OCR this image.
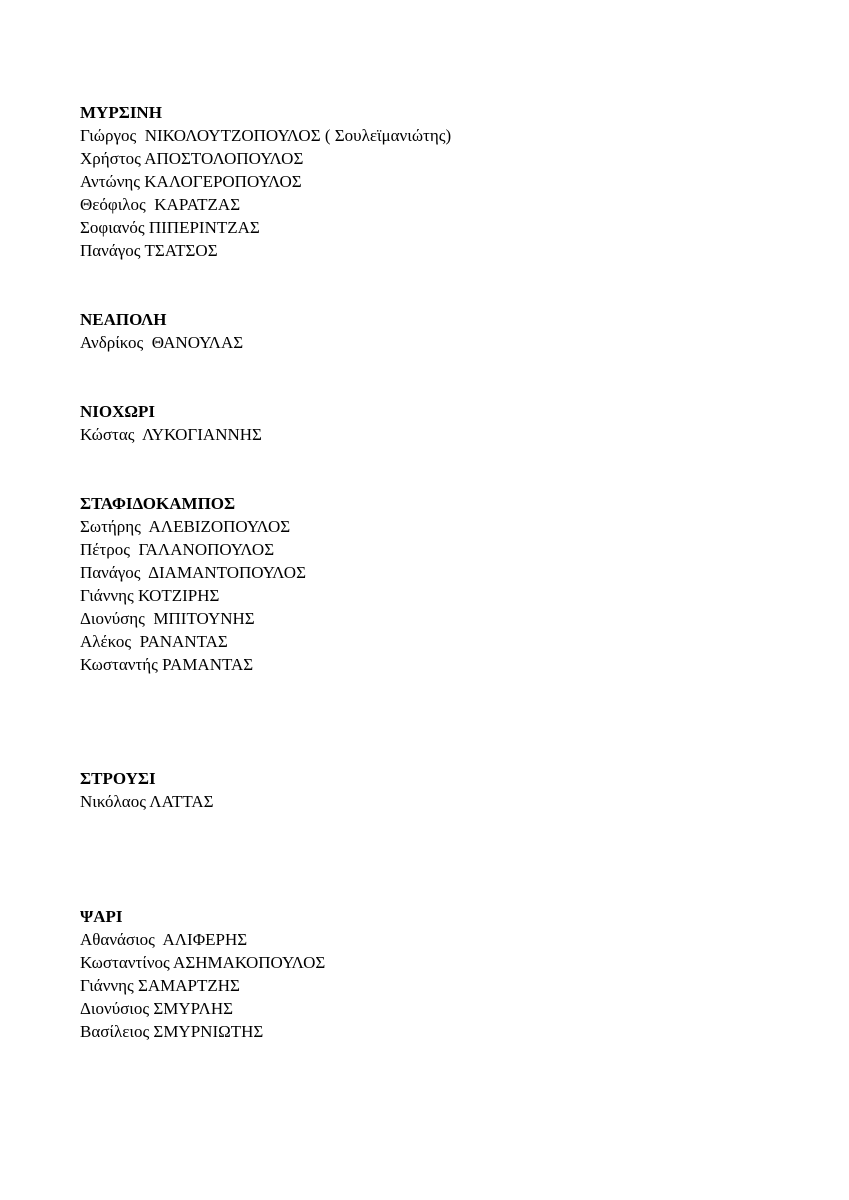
ΜΥΡΣΙΝΗ
Γιώργος  ΝΙΚΟΛΟΥΤΖΟΠΟΥΛΟΣ ( Σουλεϊμανιώτης)
Χρήστος ΑΠΟΣΤΟΛΟΠΟΥΛΟΣ
Αντώνης ΚΑΛΟΓΕΡΟΠΟΥΛΟΣ
Θεόφιλος  ΚΑΡΑΤΖΑΣ
Σοφιανός ΠΙΠΕΡΙΝΤΖΑΣ
Πανάγος ΤΣΑΤΣΟΣ
ΝΕΑΠΟΛΗ
Ανδρίκος  ΘΑΝΟΥΛΑΣ
ΝΙΟΧΩΡΙ
Κώστας  ΛΥΚΟΓΙΑΝΝΗΣ
ΣΤΑΦΙΔΟΚΑΜΠΟΣ
Σωτήρης  ΑΛΕΒΙΖΟΠΟΥΛΟΣ
Πέτρος  ΓΑΛΑΝΟΠΟΥΛΟΣ
Πανάγος  ΔΙΑΜΑΝΤΟΠΟΥΛΟΣ
Γιάννης ΚΟΤΖΙΡΗΣ
Διονύσης  ΜΠΙΤΟΥΝΗΣ
Αλέκος  ΡΑΝΑΝΤΑΣ
Κωσταντής ΡΑΜΑΝΤΑΣ
ΣΤΡΟΥΣΙ
Νικόλαος ΛΑΤΤΑΣ
ΨΑΡΙ
Αθανάσιος  ΑΛΙΦΕΡΗΣ
Κωσταντίνος ΑΣΗΜΑΚΟΠΟΥΛΟΣ
Γιάννης ΣΑΜΑΡΤΖΗΣ
Διονύσιος ΣΜΥΡΛΗΣ
Βασίλειος ΣΜΥΡΝΙΩΤΗΣ
